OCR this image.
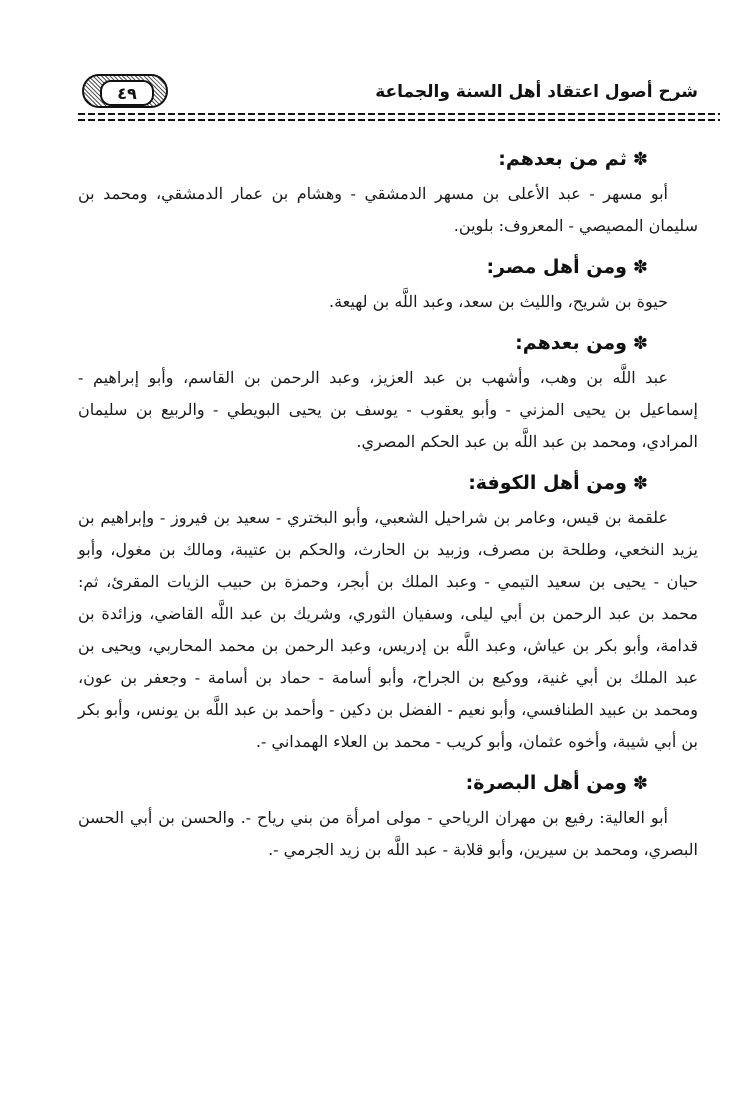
شرح أصول اعتقاد أهل السنة والجماعة
٤٩
✽ثم من بعدهم:

أبو مسهر - عبد الأعلى بن مسهر الدمشقي - وهشام بن عمار الدمشقي، ومحمد بن سليمان المصيصي - المعروف: بلوين.

✽ومن أهل مصر:

حيوة بن شريح، والليث بن سعد، وعبد اللَّه بن لهيعة.

✽ومن بعدهم:

عبد اللَّه بن وهب، وأشهب بن عبد العزيز، وعبد الرحمن بن القاسم، وأبو إبراهيم - إسماعيل بن يحيى المزني - وأبو يعقوب - يوسف بن يحيى البويطي - والربيع بن سليمان المرادي، ومحمد بن عبد اللَّه بن عبد الحكم المصري.

✽ومن أهل الكوفة:

علقمة بن قيس، وعامر بن شراحيل الشعبي، وأبو البختري - سعيد بن فيروز - وإبراهيم بن يزيد النخعي، وطلحة بن مصرف، وزبيد بن الحارث، والحكم بن عتيبة، ومالك بن مغول، وأبو حيان - يحيى بن سعيد التيمي - وعبد الملك بن أبجر، وحمزة بن حبيب الزيات المقرئ، ثم: محمد بن عبد الرحمن بن أبي ليلى، وسفيان الثوري، وشريك بن عبد اللَّه القاضي، وزائدة بن قدامة، وأبو بكر بن عياش، وعبد اللَّه بن إدريس، وعبد الرحمن بن محمد المحاربي، ويحيى بن عبد الملك بن أبي غنية، ووكيع بن الجراح، وأبو أسامة - حماد بن أسامة - وجعفر بن عون، ومحمد بن عبيد الطنافسي، وأبو نعيم - الفضل بن دكين - وأحمد بن عبد اللَّه بن يونس، وأبو بكر بن أبي شيبة، وأخوه عثمان، وأبو كريب - محمد بن العلاء الهمداني -.

✽ومن أهل البصرة:

أبو العالية: رفيع بن مهران الرياحي - مولى امرأة من بني رياح -. والحسن بن أبي الحسن البصري، ومحمد بن سيرين، وأبو قلابة - عبد اللَّه بن زيد الجرمي -.
